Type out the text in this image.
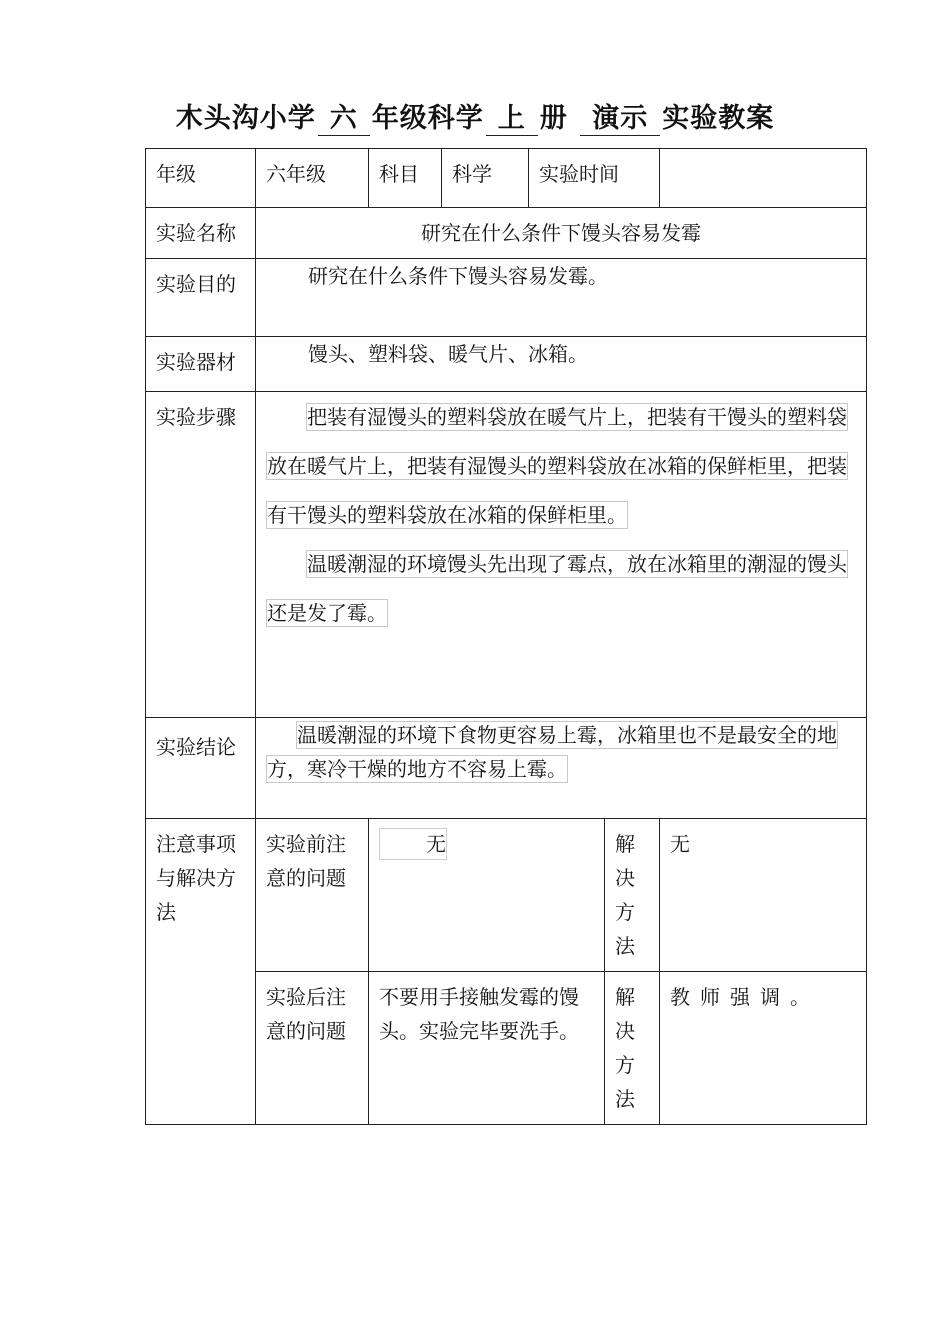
木头沟小学 六 年级科学 上 册 演示 实验教案
年级	六年级	科目	科学	实验时间		
实验名称	研究在什么条件下馒头容易发霉					
实验目的	研究在什么条件下馒头容易发霉。					
实验器材	馒头、塑料袋、暖气片、冰箱。					
实验步骤	把装有湿馒头的塑料袋放在暖气片上，把装有干馒头的塑料袋放在暖气片上，把装有湿馒头的塑料袋放在冰箱的保鲜柜里，把装有干馒头的塑料袋放在冰箱的保鲜柜里。

温暖潮湿的环境馒头先出现了霉点，放在冰箱里的潮湿的馒头还是发了霉。					

实验结论	温暖潮湿的环境下食物更容易上霉，冰箱里也不是最安全的地方，寒冷干燥的地方不容易上霉。					

注意事项与解决方法	实验前注意的问题	无			解决方法	无
	实验后注意的问题	不要用手接触发霉的馒头。实验完毕要洗手。			解决方法	教师强调。
